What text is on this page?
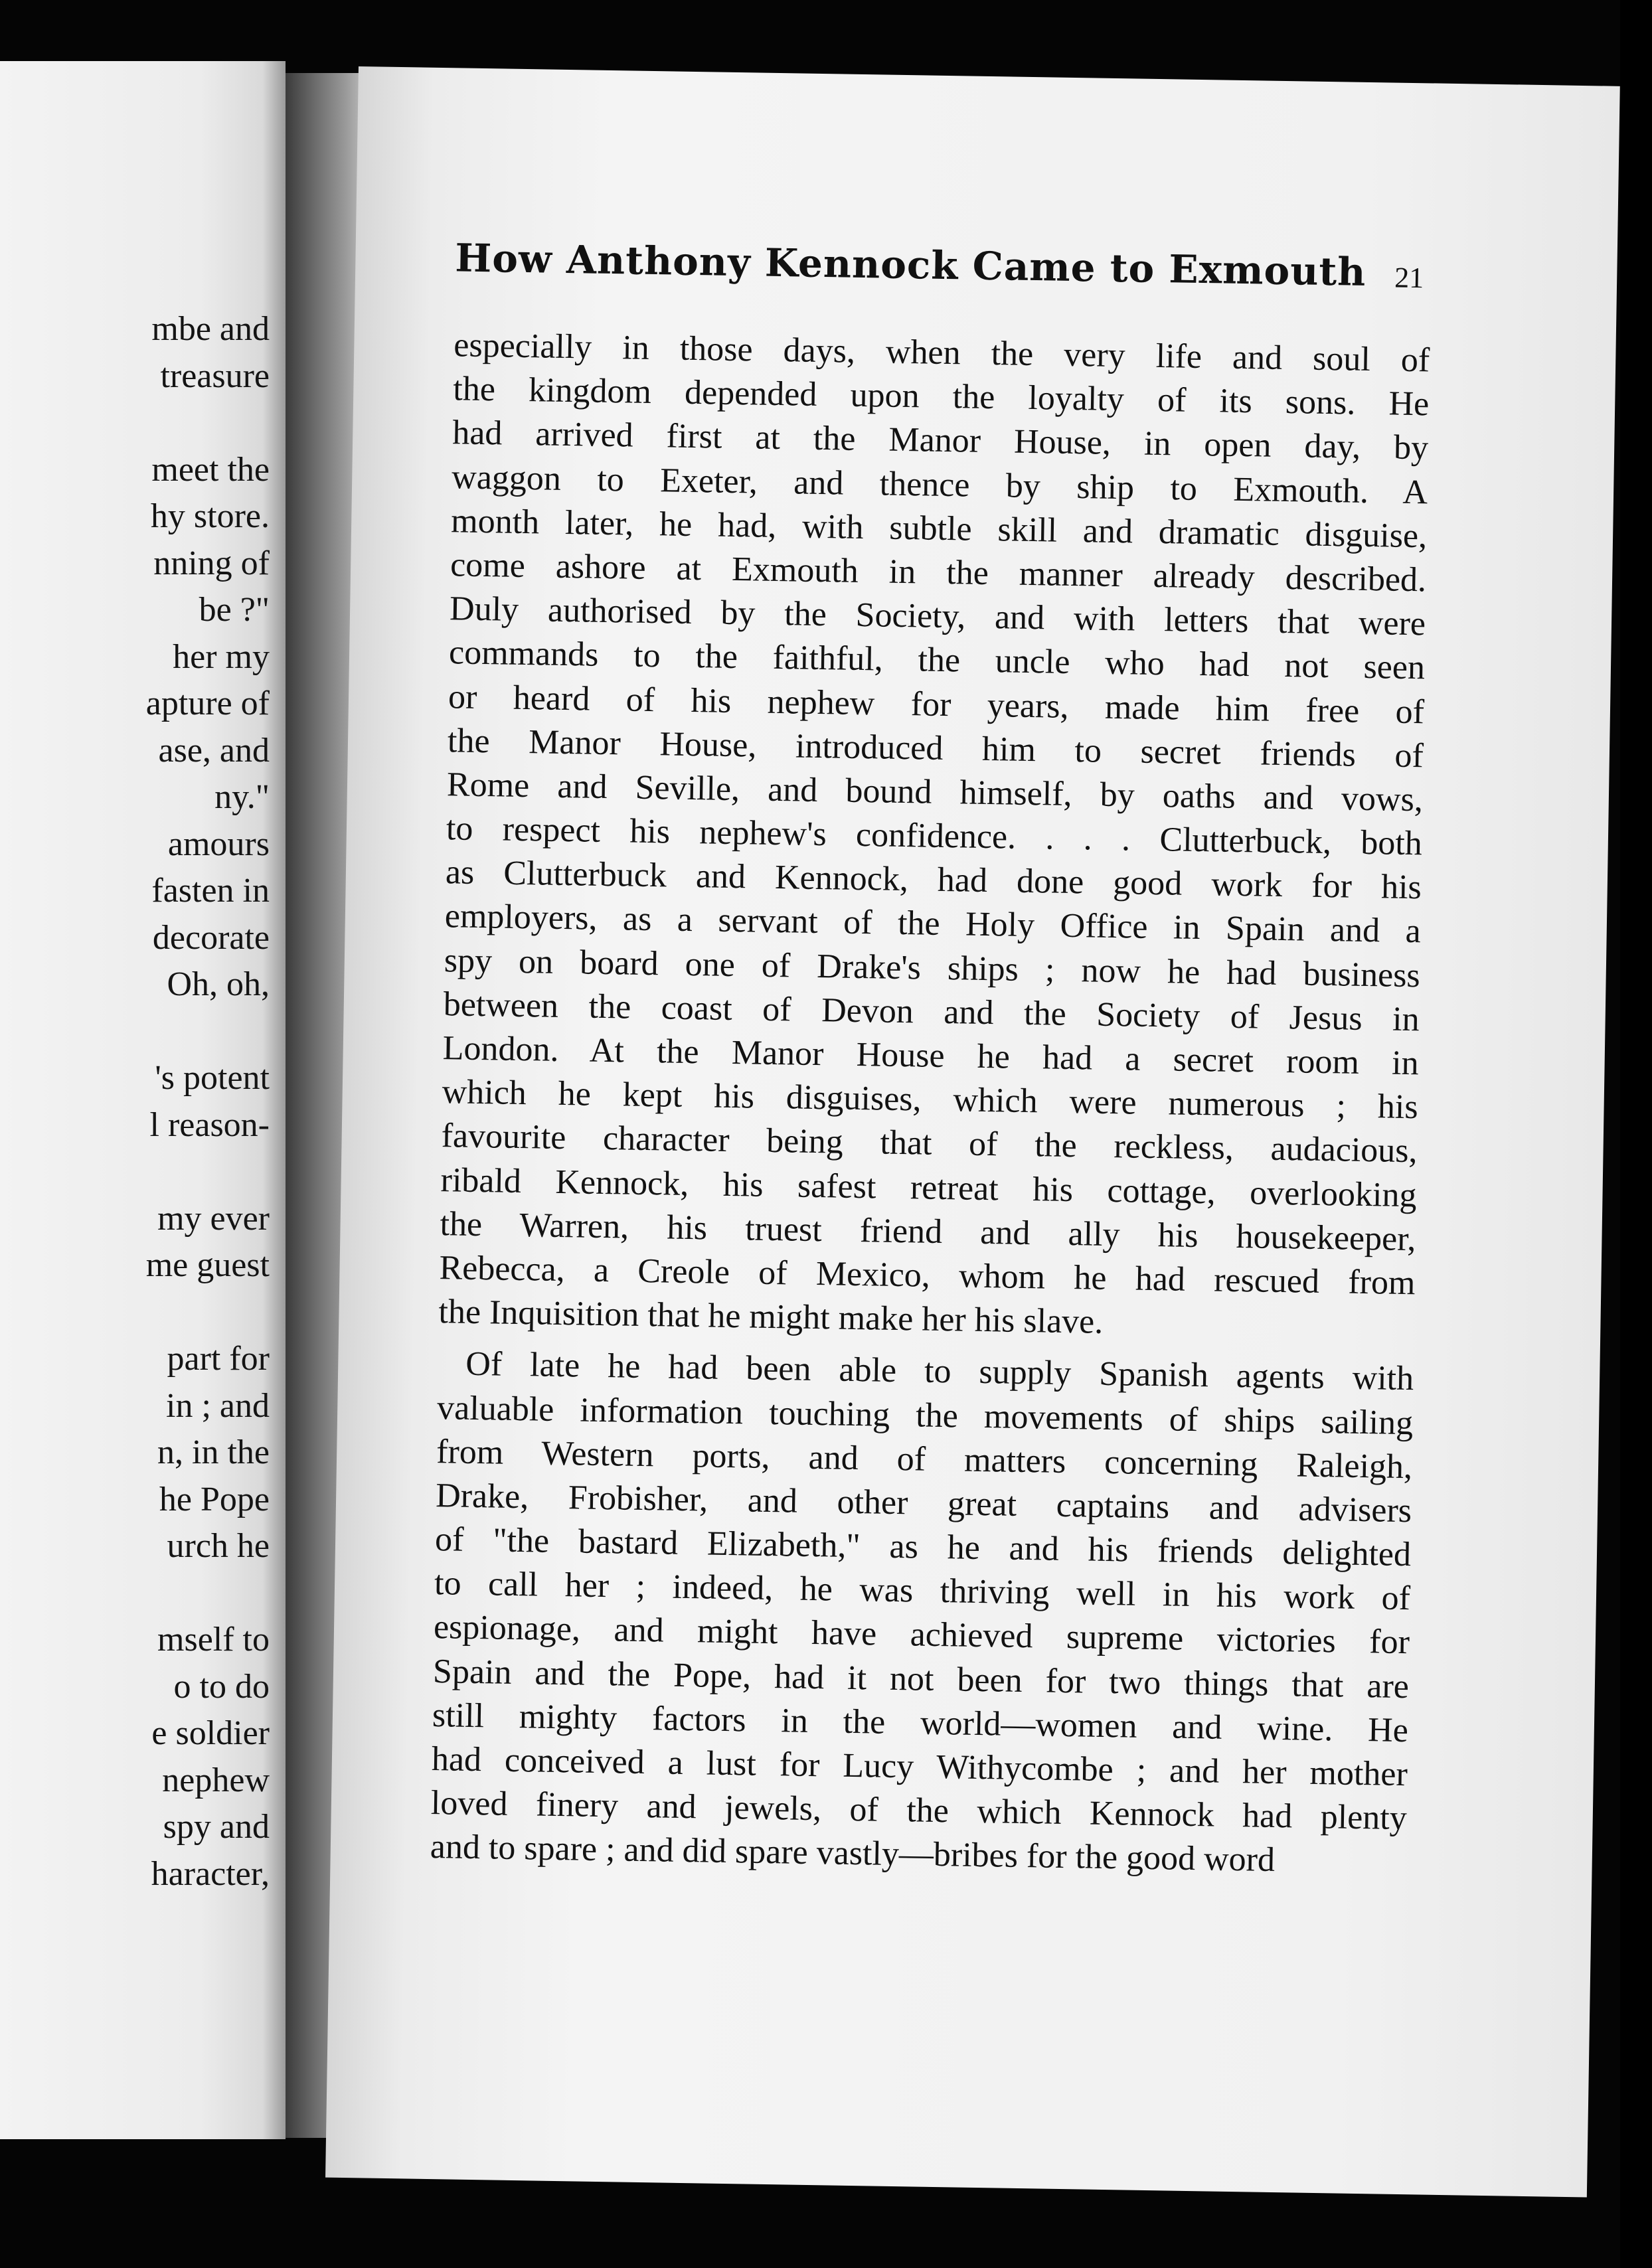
mbe and
treasure
meet the
hy store.
nning of
be ?"
her my
apture of
ase, and
ny."
amours
fasten in
decorate
Oh, oh,
's potent
l reason-
my ever
me guest
part for
in ; and
n, in the
he Pope
urch he
mself to
o to do
e soldier
nephew
spy and
haracter,
How Anthony Kennock Came to Exmouth 21
especially in those days, when the very life and soul of
the kingdom depended upon the loyalty of its sons. He
had arrived first at the Manor House, in open day, by
waggon to Exeter, and thence by ship to Exmouth. A
month later, he had, with subtle skill and dramatic disguise,
come ashore at Exmouth in the manner already described.
Duly authorised by the Society, and with letters that were
commands to the faithful, the uncle who had not seen
or heard of his nephew for years, made him free of
the Manor House, introduced him to secret friends of
Rome and Seville, and bound himself, by oaths and vows,
to respect his nephew's confidence. . . . Clutterbuck, both
as Clutterbuck and Kennock, had done good work for his
employers, as a servant of the Holy Office in Spain and a
spy on board one of Drake's ships ; now he had business
between the coast of Devon and the Society of Jesus in
London. At the Manor House he had a secret room in
which he kept his disguises, which were numerous ; his
favourite character being that of the reckless, audacious,
ribald Kennock, his safest retreat his cottage, overlooking
the Warren, his truest friend and ally his housekeeper,
Rebecca, a Creole of Mexico, whom he had rescued from
the Inquisition that he might make her his slave.
Of late he had been able to supply Spanish agents with
valuable information touching the movements of ships sailing
from Western ports, and of matters concerning Raleigh,
Drake, Frobisher, and other great captains and advisers
of "the bastard Elizabeth," as he and his friends delighted
to call her ; indeed, he was thriving well in his work of
espionage, and might have achieved supreme victories for
Spain and the Pope, had it not been for two things that are
still mighty factors in the world—women and wine. He
had conceived a lust for Lucy Withycombe ; and her mother
loved finery and jewels, of the which Kennock had plenty
and to spare ; and did spare vastly—bribes for the good word
